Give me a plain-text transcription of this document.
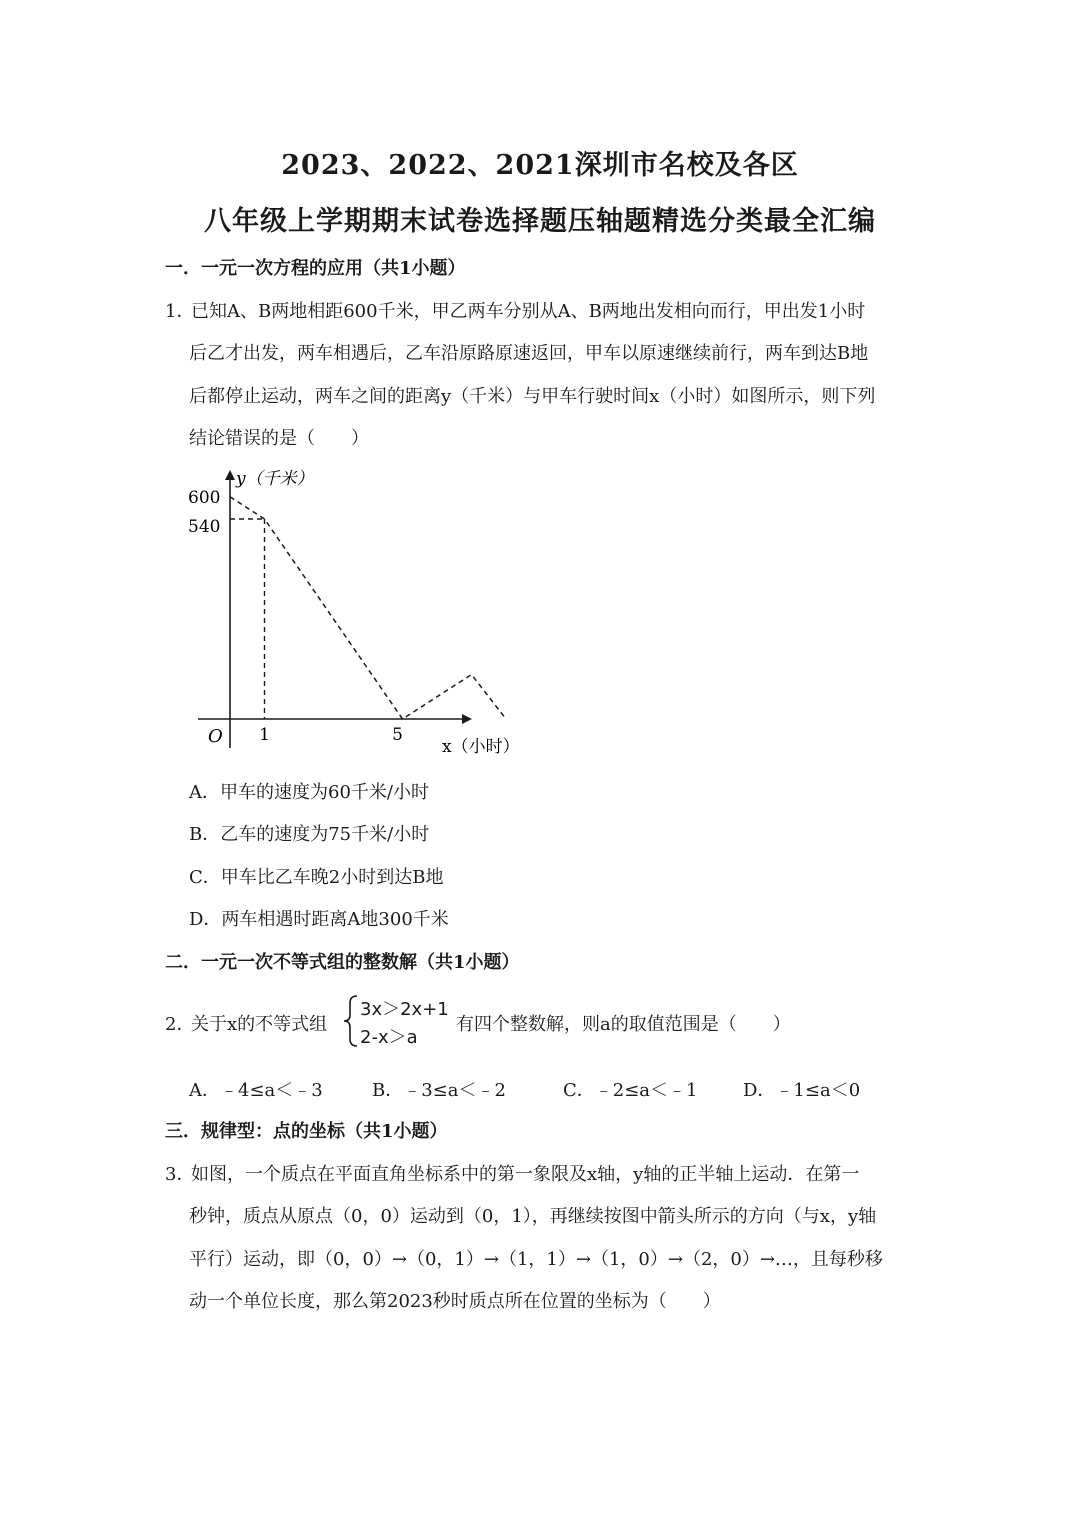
2023、2022、2021深圳市名校及各区
八年级上学期期末试卷选择题压轴题精选分类最全汇编
一．一元一次方程的应用（共1小题）
1．
已知A、B两地相距600千米，甲乙两车分别从A、B两地出发相向而行，甲出发1小时
后乙才出发，两车相遇后，乙车沿原路原速返回，甲车以原速继续前行，两车到达B地
后都停止运动，两车之间的距离y（千米）与甲车行驶时间x（小时）如图所示，则下列
结论错误的是（　　）
y（千米）
x（小时）
O
600
540
1	5
A．甲车的速度为60千米/小时
B．乙车的速度为75千米/小时
C．甲车比乙车晚2小时到达B地
D．两车相遇时距离A地300千米
二．一元一次不等式组的整数解（共1小题）
2．
关于x的不等式组
3x＞2x+1
2-x＞a
有四个整数解，则a的取值范围是（　　）
A．﹣4≤a＜﹣3	B．﹣3≤a＜﹣2	C．﹣2≤a＜﹣1	D．﹣1≤a＜0
三．规律型：点的坐标（共1小题）
3．
如图，一个质点在平面直角坐标系中的第一象限及x轴，y轴的正半轴上运动．在第一
秒钟，质点从原点（0，0）运动到（0，1），再继续按图中箭头所示的方向（与x，y轴
平行）运动，即（0，0）→（0，1）→（1，1）→（1，0）→（2，0）→…，且每秒移
动一个单位长度，那么第2023秒时质点所在位置的坐标为（　　）
